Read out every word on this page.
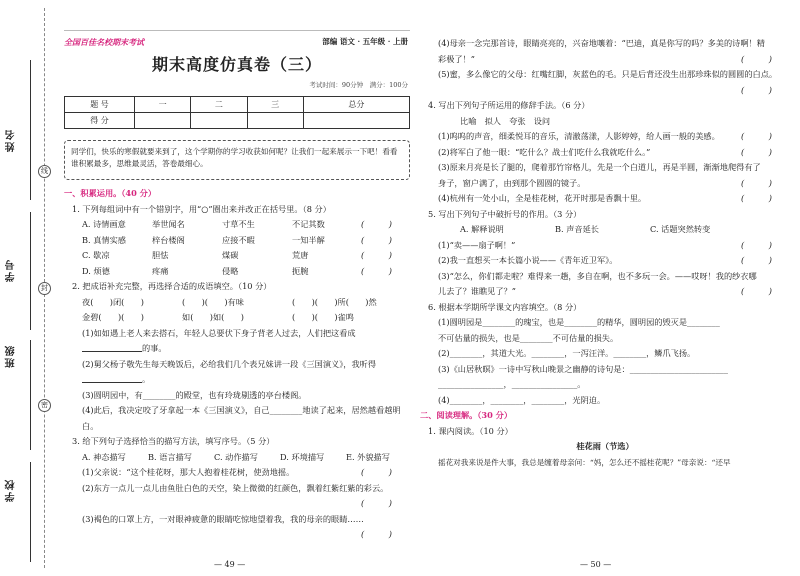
姓名
学号
班级
学校
线
封
密
全国百佳名校期末考试	部编 语文 · 五年级 · 上册
期末高度仿真卷（三）
考试时间：90分钟　满分：100分
题 号	一	二	三	总分
得 分				
同学们，快乐的寒假就要来到了，这个学期你的学习收获如何呢？让我们一起来展示一下吧！看看谁积累最多，思维最灵活，答卷最细心。
一、积累运用。（40 分）
1. 下列每组词中有一个错别字，用“○”圈出来并改正在括号里。（8 分）
A. 诗情画意	举世闻名	寸草不生	不记其数	(　　　)
B. 真情实感	梓台楼阁	应接不暇	一知半解	(　　　)
C. 歇凉	胆怯	煤碳	荒唐	(　　　)
D. 烦德	疼痛	侵略	扼腕	(　　　)
2. 把成语补充完整，再选择合适的成语填空。（10 分）
夜(　　)闭(　　)	(　　)(　　)有味	(　　)(　　)所(　　)然
金碧(　　)(　　)	如(　　)如(　　)	(　　)(　　)雀鸣
(1)如如遇上老人来去搭石，年轻人总要伏下身子背老人过去，人们把这看成
的事。
(2)舅父杨子敬先生每天晚饭后，必给我们几个表兄妹讲一段《三国演义》，我听得
。
(3)圆明园中，有________的殿堂，也有玲珑剔透的亭台楼阁。
(4)此后，我决定咬了牙拿起一本《三国演义》，自己________地读了起来，居然越看越明
白。
3. 给下列句子选择恰当的描写方法，填写序号。（5 分）
A. 神态描写	B. 语言描写	C. 动作描写	D. 环境描写	E. 外貌描写
(1)父亲说：“这个桂花呀，那大人抱着桂花树，使劲地摇。	(　　　)
(2)东方一点儿一点儿由鱼肚白色的天空，染上微微的红颜色，飘着红紫红紫的彩云。
(　　　)
(3)褐色的口罩上方，一对眼神疲惫的眼睛吃惊地望着我，我的母亲的眼睛……
(　　　)
— 49 —
(4)母亲一念完那首诗，眼睛亮亮的，兴奋地嚷着：“巴迪，真是你写的吗？多美的诗啊！精
彩极了！”	(　　　)
(5)蜜，多么像它的父母：红嘴红脚，灰蓝色的毛。只是后背还没生出那珍珠似的圆圆的白点。
(　　　)
4. 写出下列句子所运用的修辞手法。（6 分）
比喻　拟人　夸张　设问
(1)呜呜的声音，细柔悦耳的音乐，清澈荡漾，人影婷婷，给人画一般的美感。	(　　　)
(2)将军白了他一眼：“吃什么？战士们吃什么我就吃什么。”	(　　　)
(3)原来月亮是长了腿的，爬着那竹帘格儿，先是一个白道儿，再是半圆，渐渐地爬得有了
身子，窗户满了，由到那个圆圆的镜子。	(　　　)
(4)杭州有一处小山，全是桂花树，花开时那是香飘十里。	(　　　)
5. 写出下列句子中破折号的作用。（3 分）
A. 解释说明	B. 声音延长	C. 话题突然转变
(1)“卖——扇子啊！”	(　　　)
(2)我一直想买一本长篇小说——《青年近卫军》。	(　　　)
(3)“怎么，你们都走啦？难得来一趟，多自在啊，也不多玩一会。——哎呀！我的纱衣哪
儿去了？谁瞧见了？”	(　　　)
6. 根据本学期所学课文内容填空。（8 分）
(1)圆明园是________的瑰宝，也是________的精华，圆明园的毁灭是________
不可估量的损失，也是________不可估量的损失。
(2)________，其道大光。________，一泻汪洋。________，鳞爪飞扬。
(3)《山居秋暝》一诗中写秋山晚景之幽静的诗句是：________________________
________________，________________。
(4)________，________，________，光阴迫。
二、阅读理解。（30 分）
1. 课内阅读。（10 分）
桂花雨（节选）
摇花对我来说是件大事，我总是缠着母亲问：“妈，怎么还不摇桂花呢？”母亲说：“还早
— 50 —
